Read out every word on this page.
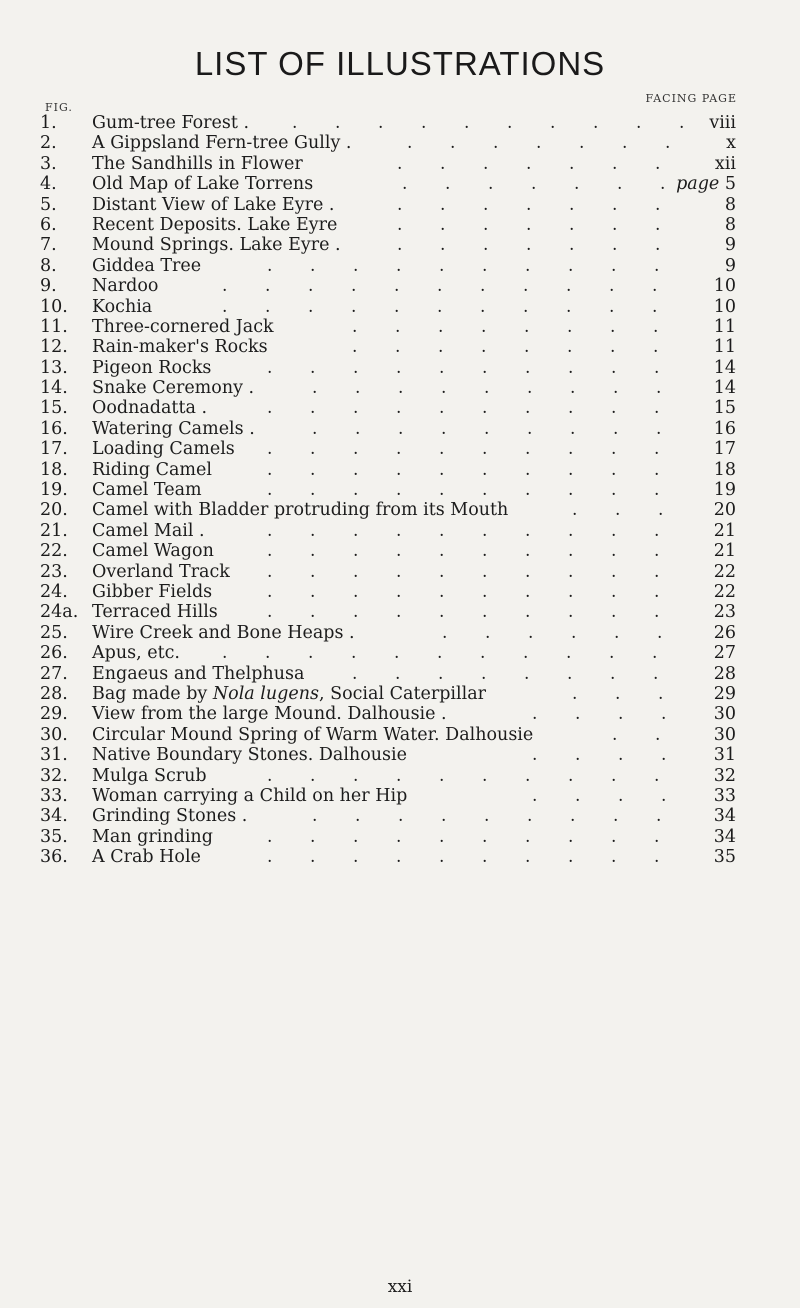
LIST OF ILLUSTRATIONS
FIG.
FACING PAGE
1.	Gum-tree Forest .	. . . . . . . . . . viii
2.	A Gippsland Fern-tree Gully .	. . . . . . .	x
3.	The Sandhills in Flower	. . . . . . .	xii
4.	Old Map of Lake Torrens	. . . . . . . page 5
5.	Distant View of Lake Eyre .	. . . . . . .	8
6.	Recent Deposits. Lake Eyre	. . . . . . .	8
7.	Mound Springs. Lake Eyre .	. . . . . . .	9
8.	Giddea Tree	. . . . . . . . . .	9
9.	Nardoo	. . . . . . . . . . .	10
10.	Kochia	. . . . . . . . . . .	10
11.	Three-cornered Jack	. . . . . . . .	11
12.	Rain-maker's Rocks	. . . . . . . .	11
13.	Pigeon Rocks	. . . . . . . . . .	14
14.	Snake Ceremony .	. . . . . . . . .	14
15.	Oodnadatta .	. . . . . . . . . .	15
16.	Watering Camels .	. . . . . . . . .	16
17.	Loading Camels . . . . . . . . . .	17
18.	Riding Camel	. . . . . . . . . .	18
19.	Camel Team	. . . . . . . . . .	19
20.	Camel with Bladder protruding from its Mouth	. . .	20
21.	Camel Mail .	. . . . . . . . . .	21
22.	Camel Wagon	. . . . . . . . . .	21
23.	Overland Track . . . . . . . . . .	22
24.	Gibber Fields	. . . . . . . . . .	22
24a. Terraced Hills	. . . . . . . . . .	23
25.	Wire Creek and Bone Heaps .	. . . . . .	26
26.	Apus, etc. . . . . . . . . . . .	27
27.	Engaeus and Thelphusa	. . . . . . . .	28
28.	Bag made by Nola lugens, Social Caterpillar	. . .	29
29.	View from the large Mound. Dalhousie .	. . . .	30
30.	Circular Mound Spring of Warm Water. Dalhousie	. .	30
31.	Native Boundary Stones. Dalhousie	. . . .	31
32.	Mulga Scrub	. . . . . . . . . .	32
33.	Woman carrying a Child on her Hip	. . . .	33
34.	Grinding Stones .	. . . . . . . . .	34
35.	Man grinding	. . . . . . . . . .	34
36.	A Crab Hole	. . . . . . . . . .	35
xxi
